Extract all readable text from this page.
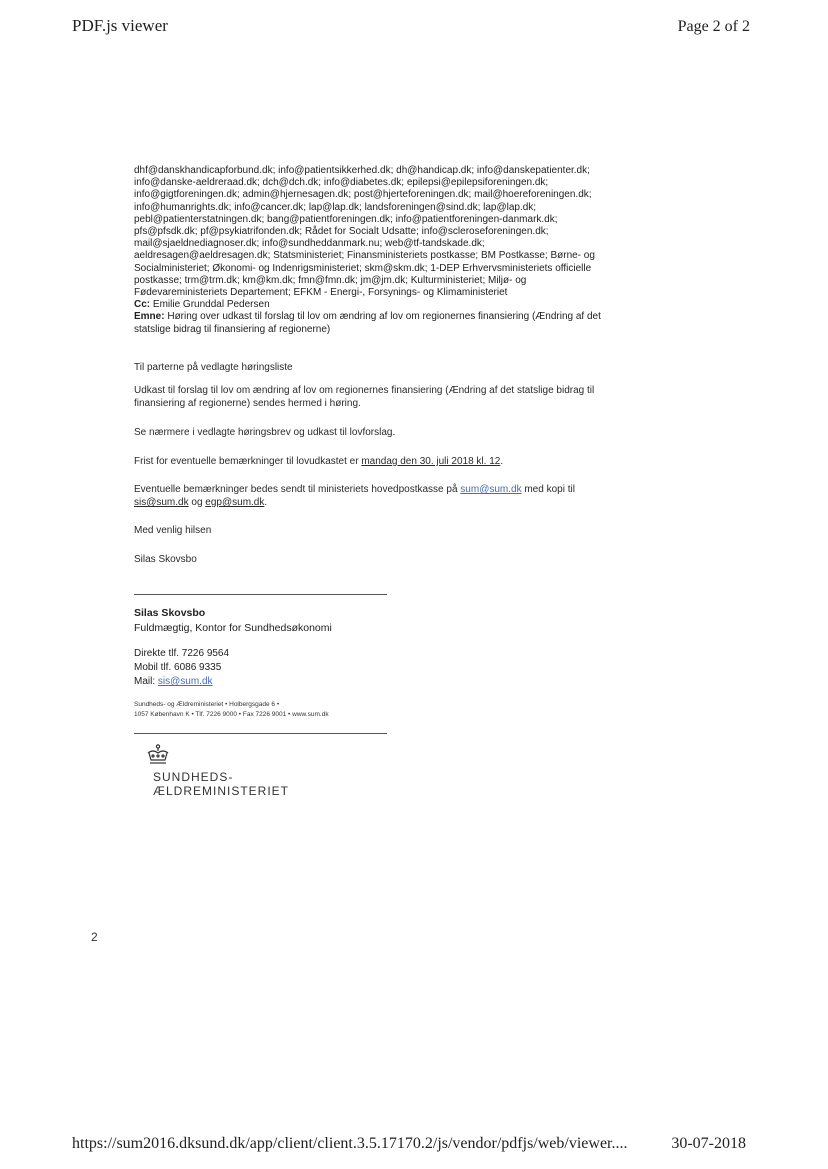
PDF.js viewer	Page 2 of 2
dhf@danskhandicapforbund.dk; info@patientsikkerhed.dk; dh@handicap.dk; info@danskepatienter.dk;
info@danske-aeldreraad.dk; dch@dch.dk; info@diabetes.dk; epilepsi@epilepsiforeningen.dk;
info@gigtforeningen.dk; admin@hjernesagen.dk; post@hjerteforeningen.dk; mail@hoereforeningen.dk;
info@humanrights.dk; info@cancer.dk; lap@lap.dk; landsforeningen@sind.dk; lap@lap.dk;
pebl@patienterstatningen.dk; bang@patientforeningen.dk; info@patientforeningen-danmark.dk;
pfs@pfsdk.dk; pf@psykiatrifonden.dk; Rådet for Socialt Udsatte; info@scleroseforeningen.dk;
mail@sjaeldnediagnoser.dk; info@sundheddanmark.nu; web@tf-tandskade.dk;
aeldresagen@aeldresagen.dk; Statsministeriet; Finansministeriets postkasse; BM Postkasse; Børne- og
Socialministeriet; Økonomi- og Indenrigsministeriet; skm@skm.dk; 1-DEP Erhvervsministeriets officielle
postkasse; trm@trm.dk; km@km.dk; fmn@fmn.dk; jm@jm.dk; Kulturministeriet; Miljø- og
Fødevareministeriets Departement; EFKM - Energi-, Forsynings- og Klimaministeriet
Cc: Emilie Grunddal Pedersen
Emne: Høring over udkast til forslag til lov om ændring af lov om regionernes finansiering (Ændring af det
statslige bidrag til finansiering af regionerne)
Til parterne på vedlagte høringsliste
Udkast til forslag til lov om ændring af lov om regionernes finansiering (Ændring af det statslige bidrag til
finansiering af regionerne) sendes hermed i høring.
Se nærmere i vedlagte høringsbrev og udkast til lovforslag.
Frist for eventuelle bemærkninger til lovudkastet er mandag den 30. juli 2018 kl. 12.
Eventuelle bemærkninger bedes sendt til ministeriets hovedpostkasse på sum@sum.dk med kopi til
sis@sum.dk og egp@sum.dk.
Med venlig hilsen
Silas Skovsbo
Silas Skovsbo
Fuldmægtig, Kontor for Sundhedsøkonomi
Direkte tlf. 7226 9564
Mobil tlf. 6086 9335
Mail: sis@sum.dk
Sundheds- og Ældreministeriet • Holbergsgade 6 •
1057 København K • Tlf. 7226 9000 • Fax 7226 9001 • www.sum.dk
SUNDHEDS-
ÆLDREMINISTERIET
2
https://sum2016.dksund.dk/app/client/client.3.5.17170.2/js/vendor/pdfjs/web/viewer....	30-07-2018
